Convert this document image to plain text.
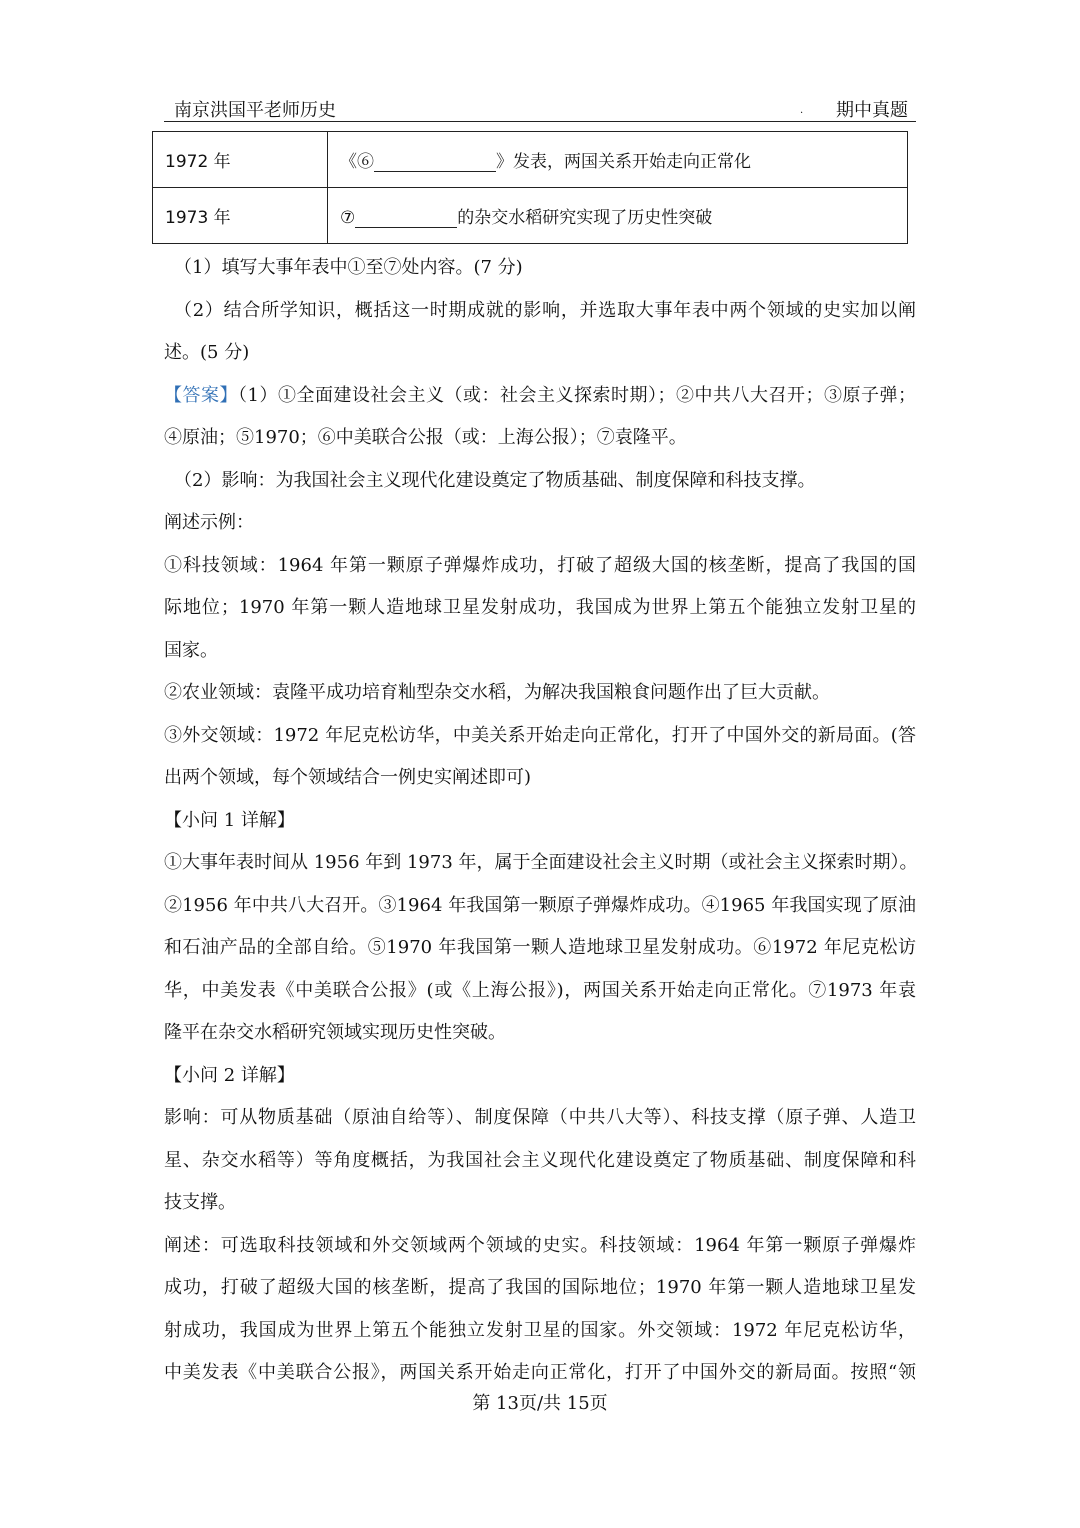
南京洪国平老师历史	. 期中真题
1972 年	《⑥ 》发表，两国关系开始走向正常化
1973 年	⑦ 的杂交水稻研究实现了历史性突破

（1）填写大事年表中①至⑦处内容。(7 分)

（2）结合所学知识，概括这一时期成就的影响，并选取大事年表中两个领域的史实加以阐

述。(5 分)

【答案】（1）①全面建设社会主义（或：社会主义探索时期）；②中共八大召开；③原子弹；

④原油；⑤1970；⑥中美联合公报（或：上海公报）；⑦袁隆平。

（2）影响：为我国社会主义现代化建设奠定了物质基础、制度保障和科技支撑。

阐述示例：

①科技领域：1964 年第一颗原子弹爆炸成功，打破了超级大国的核垄断，提高了我国的国

际地位；1970 年第一颗人造地球卫星发射成功，我国成为世界上第五个能独立发射卫星的

国家。

②农业领域：袁隆平成功培育籼型杂交水稻，为解决我国粮食问题作出了巨大贡献。

③外交领域：1972 年尼克松访华，中美关系开始走向正常化，打开了中国外交的新局面。(答

出两个领域，每个领域结合一例史实阐述即可)

【小问 1 详解】

①大事年表时间从 1956 年到 1973 年，属于全面建设社会主义时期（或社会主义探索时期）。

②1956 年中共八大召开。③1964 年我国第一颗原子弹爆炸成功。④1965 年我国实现了原油

和石油产品的全部自给。⑤1970 年我国第一颗人造地球卫星发射成功。⑥1972 年尼克松访

华，中美发表《中美联合公报》(或《上海公报》)，两国关系开始走向正常化。⑦1973 年袁

隆平在杂交水稻研究领域实现历史性突破。

【小问 2 详解】

影响：可从物质基础（原油自给等）、制度保障（中共八大等）、科技支撑（原子弹、人造卫

星、杂交水稻等）等角度概括，为我国社会主义现代化建设奠定了物质基础、制度保障和科

技支撑。

阐述：可选取科技领域和外交领域两个领域的史实。科技领域：1964 年第一颗原子弹爆炸

成功，打破了超级大国的核垄断，提高了我国的国际地位；1970 年第一颗人造地球卫星发

射成功，我国成为世界上第五个能独立发射卫星的国家。外交领域：1972 年尼克松访华，

中美发表《中美联合公报》，两国关系开始走向正常化，打开了中国外交的新局面。按照“领

第 13页/共 15页
